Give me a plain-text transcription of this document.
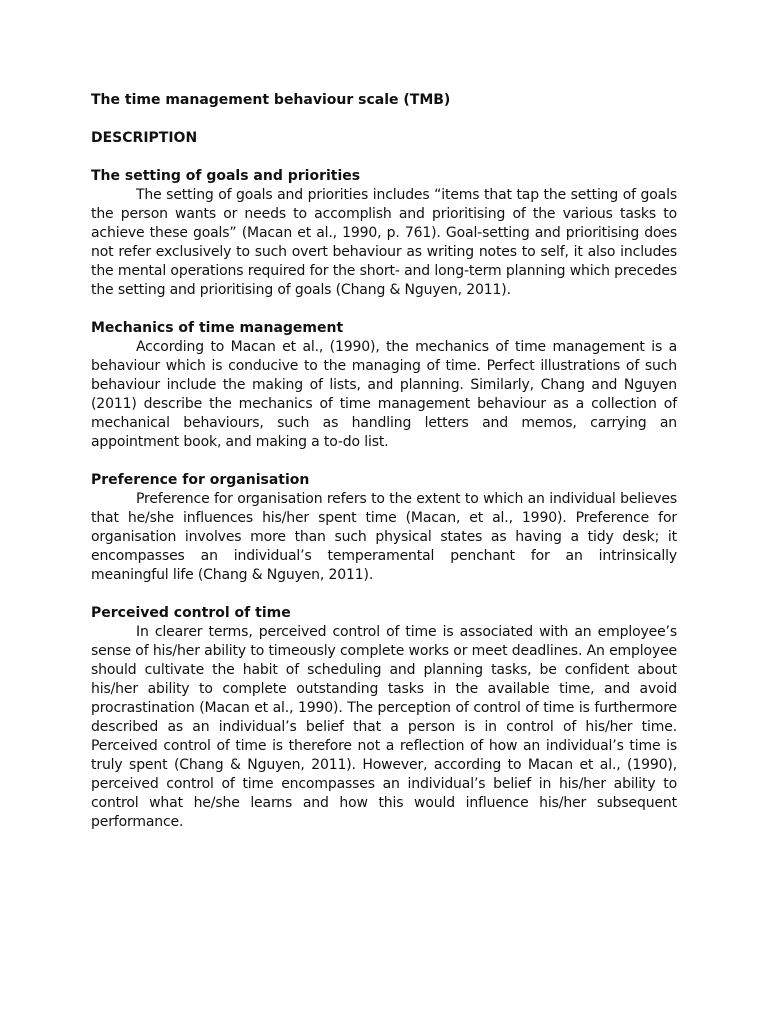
The time management behaviour scale (TMB)

DESCRIPTION

The setting of goals and priorities

The setting of goals and priorities includes “items that tap the setting of goals the person wants or needs to accomplish and prioritising of the various tasks to achieve these goals” (Macan et al., 1990, p. 761). Goal-setting and prioritising does not refer exclusively to such overt behaviour as writing notes to self, it also includes the mental operations required for the short- and long-term planning which precedes the setting and prioritising of goals (Chang & Nguyen, 2011).

Mechanics of time management

According to Macan et al., (1990), the mechanics of time management is a behaviour which is conducive to the managing of time. Perfect illustrations of such behaviour include the making of lists, and planning. Similarly, Chang and Nguyen (2011) describe the mechanics of time management behaviour as a collection of mechanical behaviours, such as handling letters and memos, carrying an appointment book, and making a to-do list.

Preference for organisation

Preference for organisation refers to the extent to which an individual believes that he/she influences his/her spent time (Macan, et al., 1990). Preference for organisation involves more than such physical states as having a tidy desk; it encompasses an individual’s temperamental penchant for an intrinsically meaningful life (Chang & Nguyen, 2011).

Perceived control of time

In clearer terms, perceived control of time is associated with an employee’s sense of his/her ability to timeously complete works or meet deadlines. An employee should cultivate the habit of scheduling and planning tasks, be confident about his/her ability to complete outstanding tasks in the available time, and avoid procrastination (Macan et al., 1990). The perception of control of time is furthermore described as an individual’s belief that a person is in control of his/her time. Perceived control of time is therefore not a reflection of how an individual’s time is truly spent (Chang & Nguyen, 2011). However, according to Macan et al., (1990), perceived control of time encompasses an individual’s belief in his/her ability to control what he/she learns and how this would influence his/her subsequent performance.
